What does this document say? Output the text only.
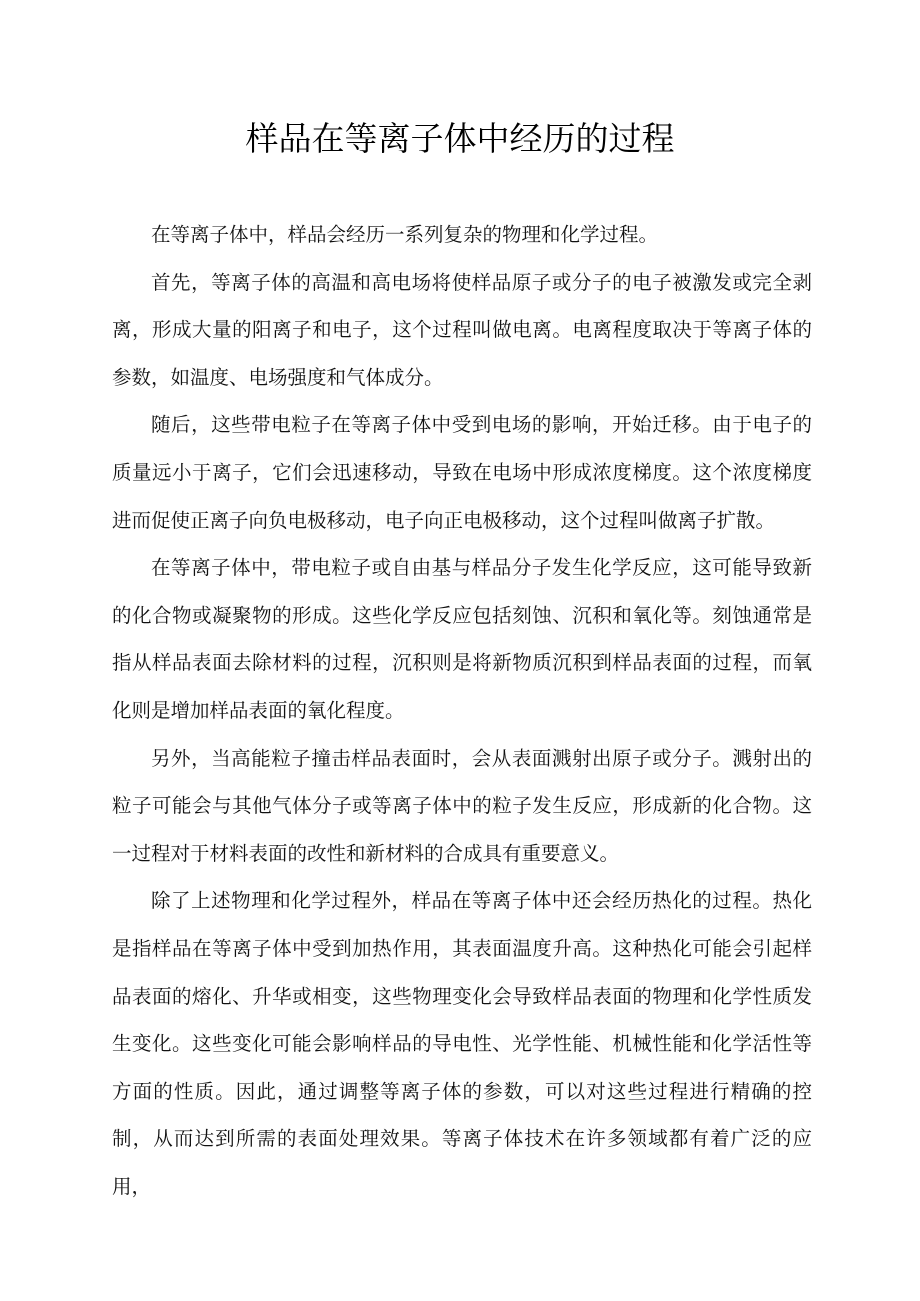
样品在等离子体中经历的过程

在等离子体中，样品会经历一系列复杂的物理和化学过程。

首先，等离子体的高温和高电场将使样品原子或分子的电子被激发或完全剥离，形成大量的阳离子和电子，这个过程叫做电离。电离程度取决于等离子体的参数，如温度、电场强度和气体成分。

随后，这些带电粒子在等离子体中受到电场的影响，开始迁移。由于电子的质量远小于离子，它们会迅速移动，导致在电场中形成浓度梯度。这个浓度梯度进而促使正离子向负电极移动，电子向正电极移动，这个过程叫做离子扩散。

在等离子体中，带电粒子或自由基与样品分子发生化学反应，这可能导致新的化合物或凝聚物的形成。这些化学反应包括刻蚀、沉积和氧化等。刻蚀通常是指从样品表面去除材料的过程，沉积则是将新物质沉积到样品表面的过程，而氧化则是增加样品表面的氧化程度。

另外，当高能粒子撞击样品表面时，会从表面溅射出原子或分子。溅射出的粒子可能会与其他气体分子或等离子体中的粒子发生反应，形成新的化合物。这一过程对于材料表面的改性和新材料的合成具有重要意义。

除了上述物理和化学过程外，样品在等离子体中还会经历热化的过程。热化是指样品在等离子体中受到加热作用，其表面温度升高。这种热化可能会引起样品表面的熔化、升华或相变，这些物理变化会导致样品表面的物理和化学性质发生变化。这些变化可能会影响样品的导电性、光学性能、机械性能和化学活性等方面的性质。因此，通过调整等离子体的参数，可以对这些过程进行精确的控制，从而达到所需的表面处理效果。等离子体技术在许多领域都有着广泛的应用，
